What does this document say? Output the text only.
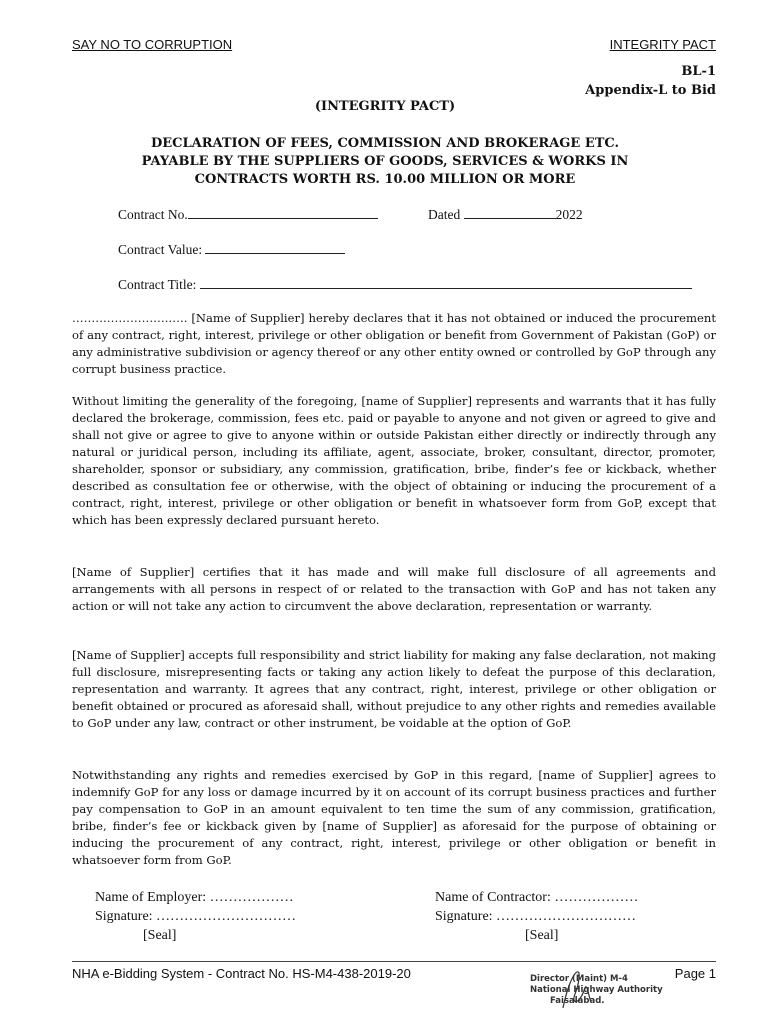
SAY NO TO CORRUPTION	INTEGRITY PACT
BL-1
Appendix-L to Bid
(INTEGRITY PACT)
DECLARATION OF FEES, COMMISSION AND BROKERAGE ETC.
PAYABLE BY THE SUPPLIERS OF GOODS, SERVICES & WORKS IN
CONTRACTS WORTH RS. 10.00 MILLION OR MORE
Contract No.	Dated	2022
Contract Value:
Contract Title:

…………………….….. [Name of Supplier] hereby declares that it has not obtained or induced the procurement of any contract, right, interest, privilege or other obligation or benefit from Government of Pakistan (GoP) or any administrative subdivision or agency thereof or any other entity owned or controlled by GoP through any corrupt business practice.

Without limiting the generality of the foregoing, [name of Supplier] represents and warrants that it has fully declared the brokerage, commission, fees etc. paid or payable to anyone and not given or agreed to give and shall not give or agree to give to anyone within or outside Pakistan either directly or indirectly through any natural or juridical person, including its affiliate, agent, associate, broker, consultant, director, promoter, shareholder, sponsor or subsidiary, any commission, gratification, bribe, finder’s fee or kickback, whether described as consultation fee or otherwise, with the object of obtaining or inducing the procurement of a contract, right, interest, privilege or other obligation or benefit in whatsoever form from GoP, except that which has been expressly declared pursuant hereto.

[Name of Supplier] certifies that it has made and will make full disclosure of all agreements and arrangements with all persons in respect of or related to the transaction with GoP and has not taken any action or will not take any action to circumvent the above declaration, representation or warranty.

[Name of Supplier] accepts full responsibility and strict liability for making any false declaration, not making full disclosure, misrepresenting facts or taking any action likely to defeat the purpose of this declaration, representation and warranty. It agrees that any contract, right, interest, privilege or other obligation or benefit obtained or procured as aforesaid shall, without prejudice to any other rights and remedies available to GoP under any law, contract or other instrument, be voidable at the option of GoP.

Notwithstanding any rights and remedies exercised by GoP in this regard, [name of Supplier] agrees to indemnify GoP for any loss or damage incurred by it on account of its corrupt business practices and further pay compensation to GoP in an amount equivalent to ten time the sum of any commission, gratification, bribe, finder’s fee or kickback given by [name of Supplier] as aforesaid for the purpose of obtaining or inducing the procurement of any contract, right, interest, privilege or other obligation or benefit in whatsoever form from GoP.

Name of Employer: ………………
Signature: …………………………
[Seal]
Name of Contractor: ………………
Signature: …………………………
[Seal]
NHA e-Bidding System - Contract No. HS-M4-438-2019-20	Page 1
Director (Maint) M-4
National Highway Authority
Faisalabad.
